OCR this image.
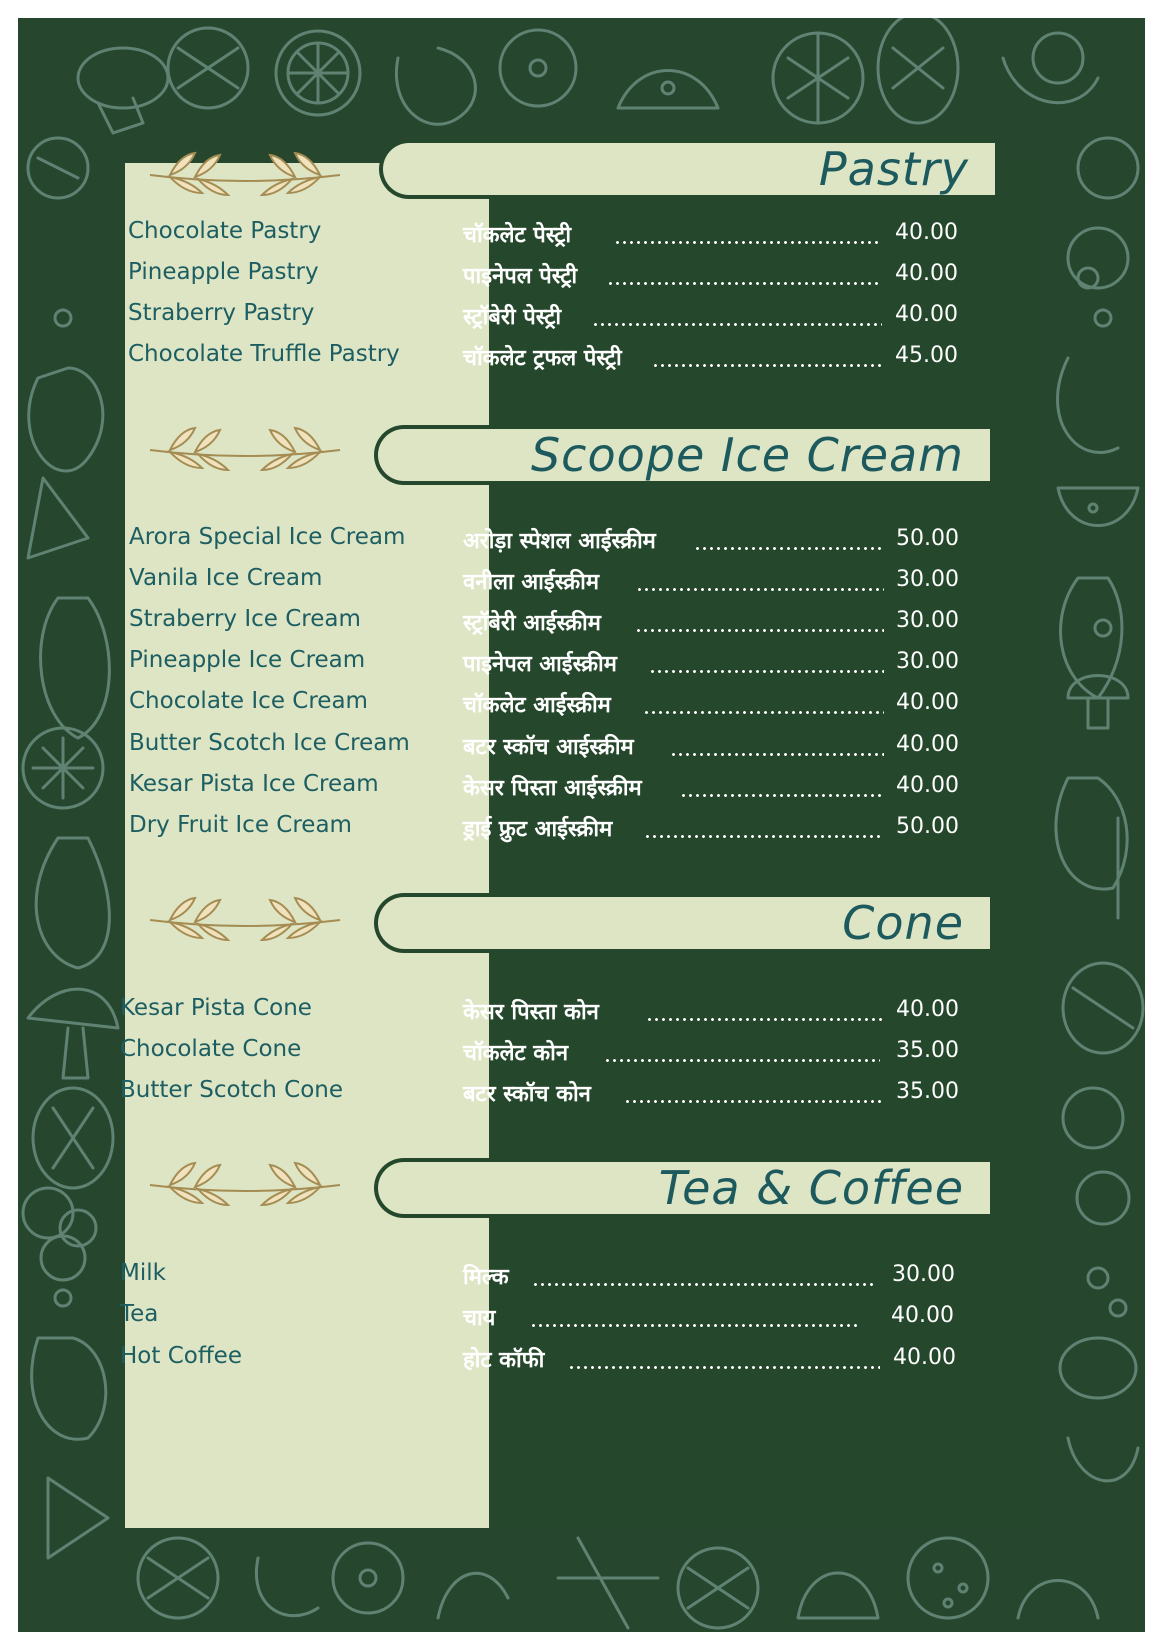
Pastry
Scoope Ice Cream
Cone
Tea & Coffee
Chocolate Pastry
Pineapple Pastry
Straberry Pastry
Chocolate Truffle Pastry
चॉकलेट पेस्ट्री
पाइनेपल पेस्ट्री
स्ट्रॉबेरी पेस्ट्री
चॉकलेट ट्रफल पेस्ट्री
40.00
40.00
40.00
45.00
Arora Special Ice Cream
Vanila Ice Cream
Straberry Ice Cream
Pineapple Ice Cream
Chocolate Ice Cream
Butter Scotch Ice Cream
Kesar Pista Ice Cream
Dry Fruit Ice Cream
अरोड़ा स्पेशल आईस्क्रीम
वनीला आईस्क्रीम
स्ट्रॉबेरी आईस्क्रीम
पाइनेपल आईस्क्रीम
चॉकलेट आईस्क्रीम
बटर स्कॉच आईस्क्रीम
केसर पिस्ता आईस्क्रीम
ड्राई फ्रुट आईस्क्रीम
50.00
30.00
30.00
30.00
40.00
40.00
40.00
50.00
Kesar Pista Cone
Chocolate Cone
Butter Scotch Cone
केसर पिस्ता कोन
चॉकलेट कोन
बटर स्कॉच कोन
40.00
35.00
35.00
Milk
Tea
Hot Coffee
मिल्क
चाय
होट कॉफी
30.00
40.00
40.00
